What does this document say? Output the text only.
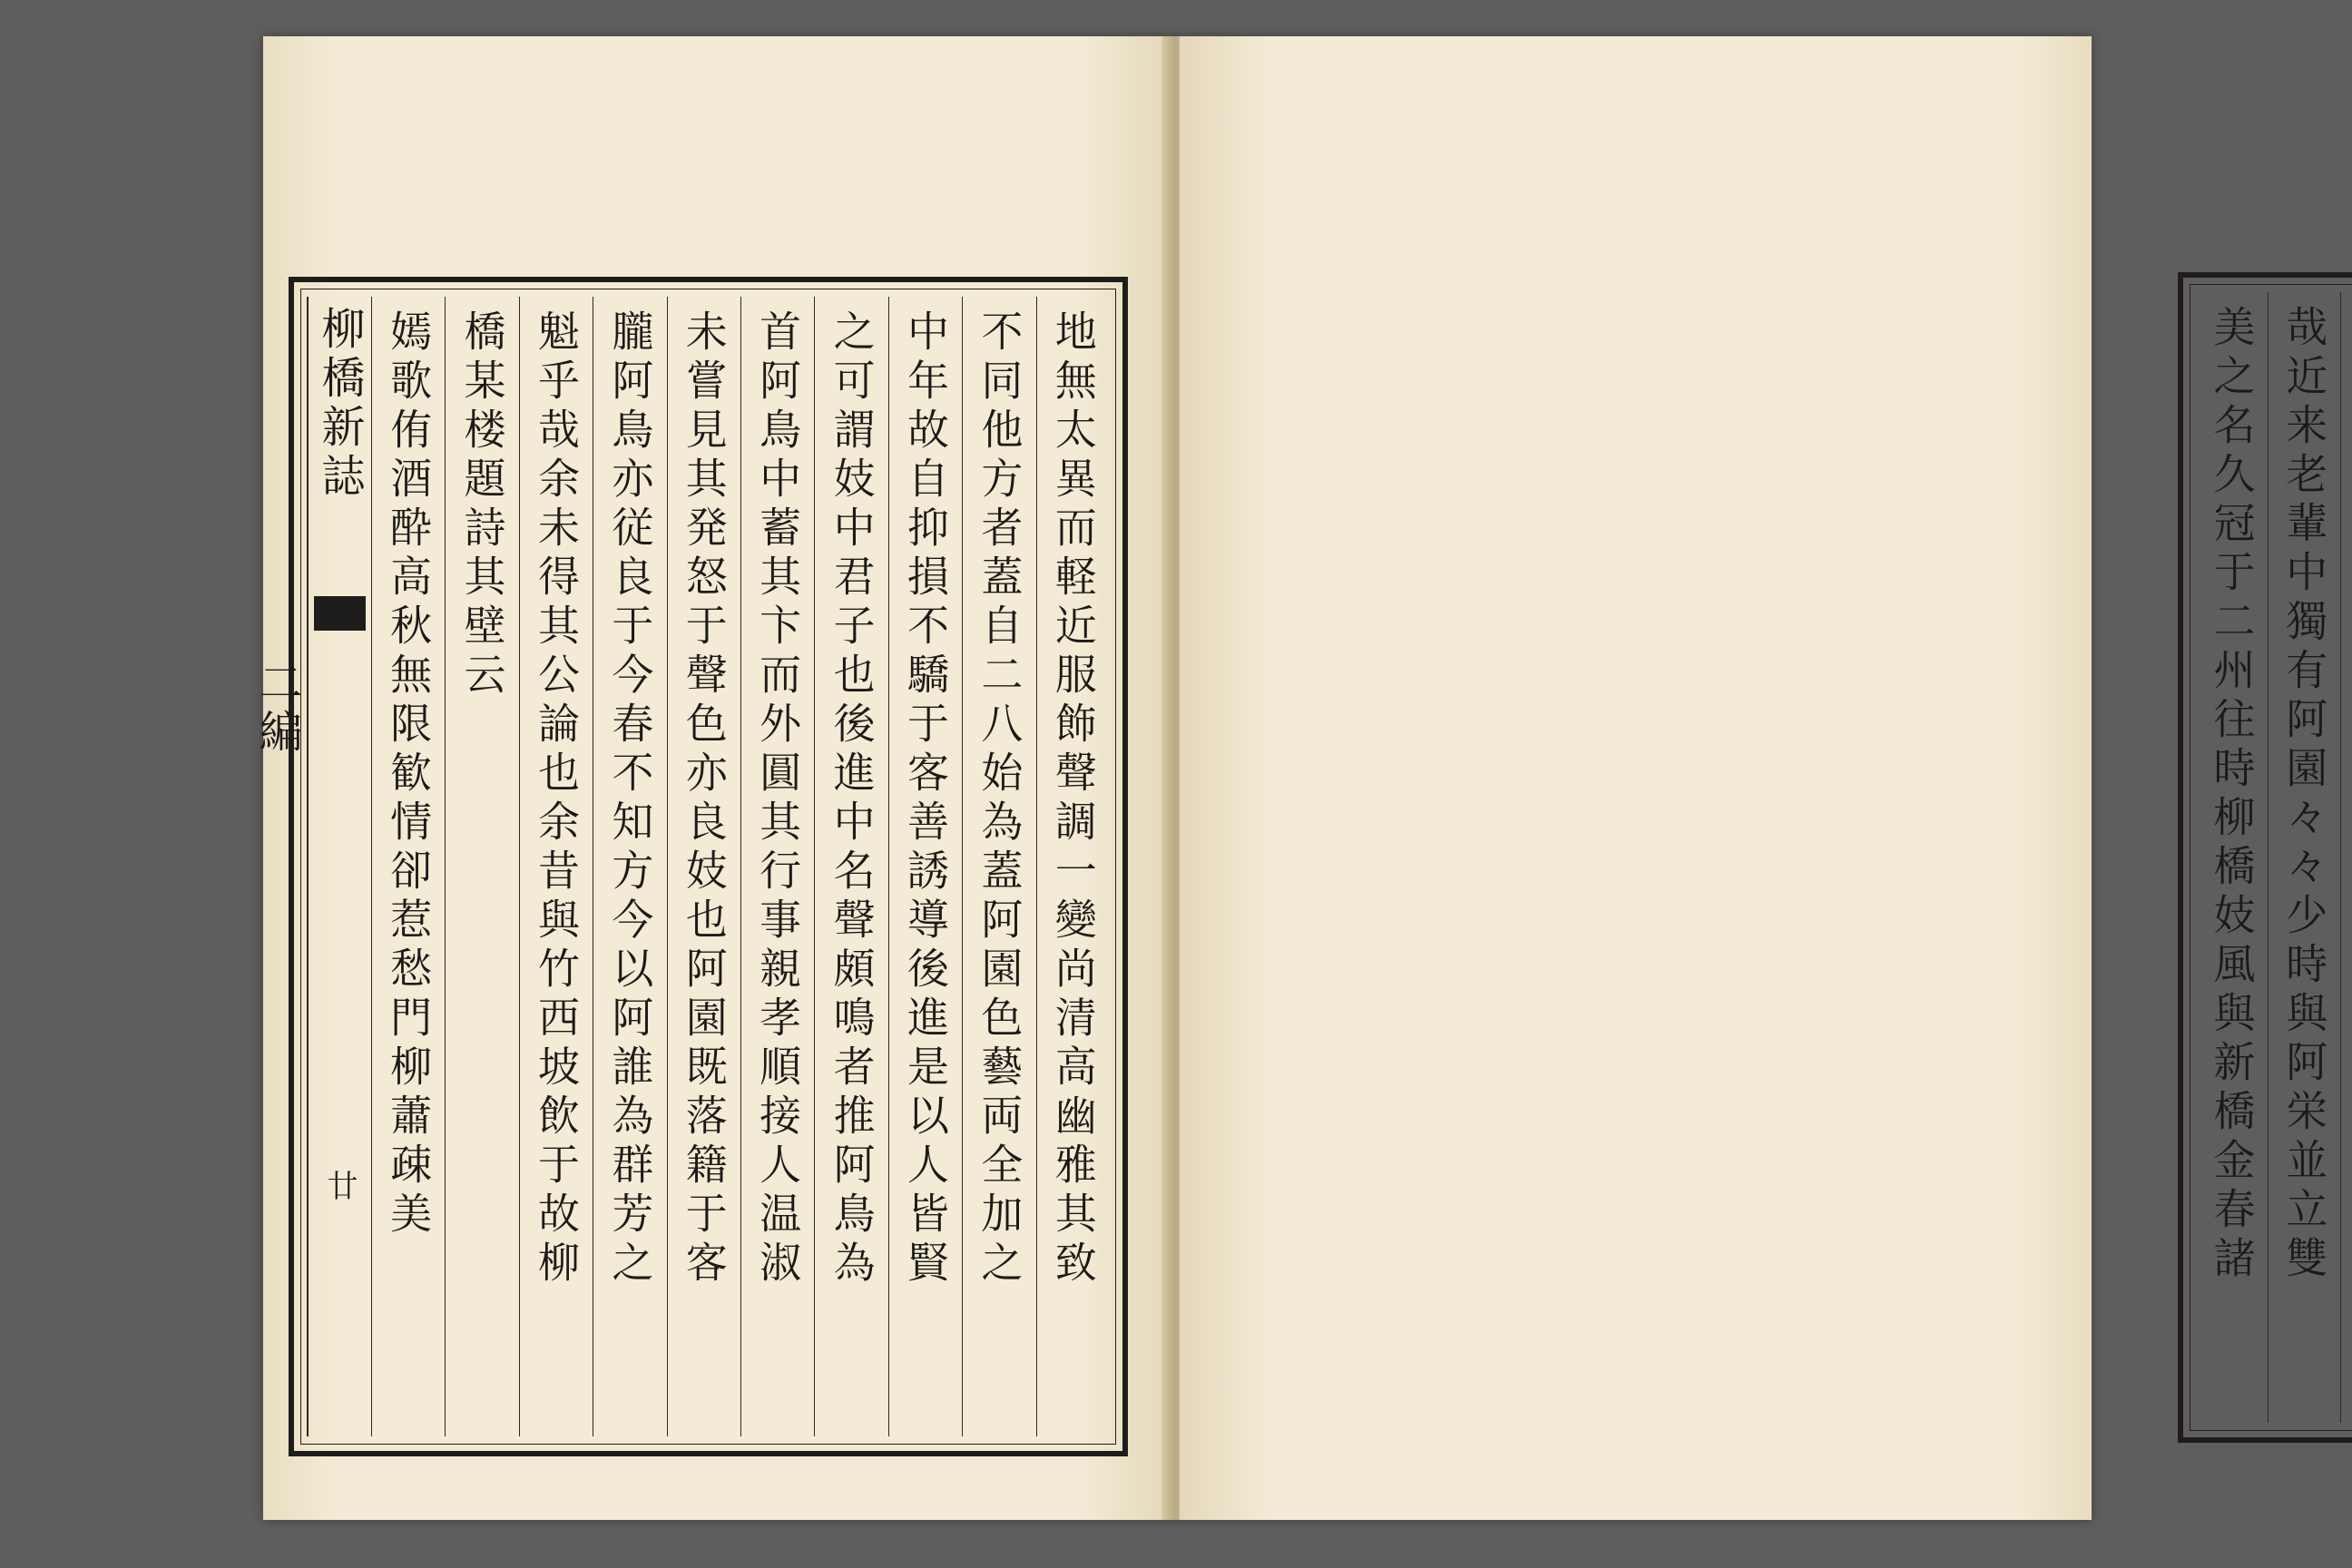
地無太異而軽近服飾聲調一變尚清高幽雅其致
不同他方者蓋自二八始為蓋阿園色藝両全加之
中年故自抑損不驕于客善誘導後進是以人皆賢
之可謂妓中君子也後進中名聲頗鳴者推阿鳥為
首阿鳥中蓄其卞而外圓其行事親孝順接人温淑
未嘗見其発怒于聲色亦良妓也阿園既落籍于客
朧阿鳥亦従良于今春不知方今以阿誰為群芳之
魁乎哉余未得其公論也余昔與竹西坡飲于故柳
橋某楼題詩其壁云
嫣歌侑酒酔高秋無限歓情卻惹愁門柳蕭疎美
柳橋新誌
二編
廿	哉近来老輩中獨有阿園々々少時與阿栄並立雙
美之名久冠于二州往時柳橋妓風與新橋金春諸
